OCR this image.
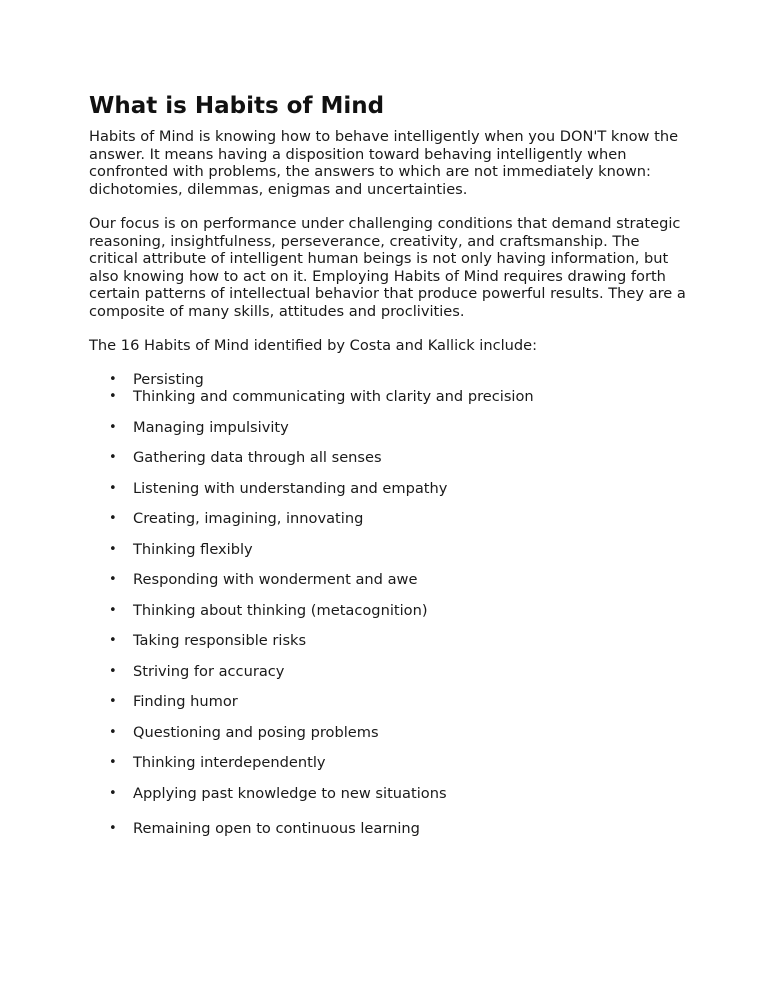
What is Habits of Mind

Habits of Mind is knowing how to behave intelligently when you DON'T know the answer. It means having a disposition toward behaving intelligently when confronted with problems, the answers to which are not immediately known: dichotomies, dilemmas, enigmas and uncertainties.

Our focus is on performance under challenging conditions that demand strategic reasoning, insightfulness, perseverance, creativity, and craftsmanship. The critical attribute of intelligent human beings is not only having information, but also knowing how to act on it. Employing Habits of Mind requires drawing forth certain patterns of intellectual behavior that produce powerful results. They are a composite of many skills, attitudes and proclivities.

The 16 Habits of Mind identified by Costa and Kallick include:

• Persisting
• Thinking and communicating with clarity and precision
• Managing impulsivity
• Gathering data through all senses
• Listening with understanding and empathy
• Creating, imagining, innovating
• Thinking flexibly
• Responding with wonderment and awe
• Thinking about thinking (metacognition)
• Taking responsible risks
• Striving for accuracy
• Finding humor
• Questioning and posing problems
• Thinking interdependently
• Applying past knowledge to new situations
• Remaining open to continuous learning
